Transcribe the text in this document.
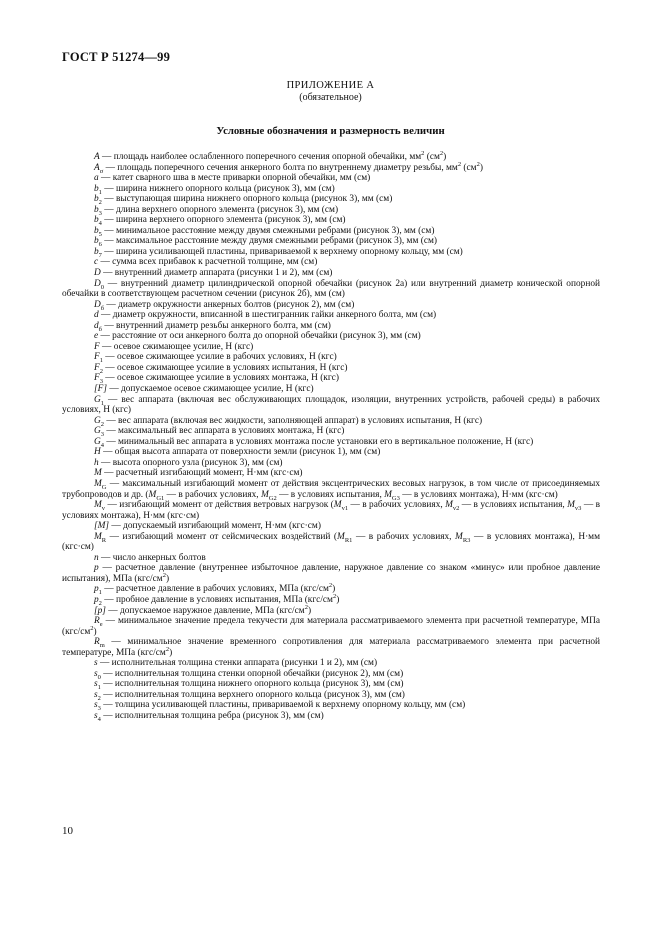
ГОСТ Р 51274—99
ПРИЛОЖЕНИЕ А
(обязательное)
Условные обозначения и размерность величин

A — площадь наиболее ослабленного поперечного сечения опорной обечайки, $мм^2$ $(см^2)$

$A_\sigma$ — площадь поперечного сечения анкерного болта по внутреннему диаметру резьбы, $мм^2$ $(см^2)$

a — катет сварного шва в месте приварки опорной обечайки, мм (см)

$b_1$ — ширина нижнего опорного кольца (рисунок 3), мм (см)

$b_2$ — выступающая ширина нижнего опорного кольца (рисунок 3), мм (см)

$b_3$ — длина верхнего опорного элемента (рисунок 3), мм (см)

$b_4$ — ширина верхнего опорного элемента (рисунок 3), мм (см)

$b_5$ — минимальное расстояние между двумя смежными ребрами (рисунок 3), мм (см)

$b_6$ — максимальное расстояние между двумя смежными ребрами (рисунок 3), мм (см)

$b_7$ — ширина усиливающей пластины, привариваемой к верхнему опорному кольцу, мм (см)

c — сумма всех прибавок к расчетной толщине, мм (см)

D — внутренний диаметр аппарата (рисунки 1 и 2), мм (см)

$D_0$ — внутренний диаметр цилиндрической опорной обечайки (рисунок 2а) или внутренний диаметр конической опорной обечайки в соответствующем расчетном сечении (рисунок 2б), мм (см)

$D_б$ — диаметр окружности анкерных болтов (рисунок 2), мм (см)

d — диаметр окружности, вписанной в шестигранник гайки анкерного болта, мм (см)

$d_б$ — внутренний диаметр резьбы анкерного болта, мм (см)

e — расстояние от оси анкерного болта до опорной обечайки (рисунок 3), мм (см)

F — осевое сжимающее усилие, Н (кгс)

$F_1$ — осевое сжимающее усилие в рабочих условиях, Н (кгс)

$F_2$ — осевое сжимающее усилие в условиях испытания, Н (кгс)

$F_3$ — осевое сжимающее усилие в условиях монтажа, Н (кгс)

[F] — допускаемое осевое сжимающее усилие, Н (кгс)

$G_1$ — вес аппарата (включая вес обслуживающих площадок, изоляции, внутренних устройств, рабочей среды) в рабочих условиях, Н (кгс)

$G_2$ — вес аппарата (включая вес жидкости, заполняющей аппарат) в условиях испытания, Н (кгс)

$G_3$ — максимальный вес аппарата в условиях монтажа, Н (кгс)

$G_4$ — минимальный вес аппарата в условиях монтажа после установки его в вертикальное положение, Н (кгс)

H — общая высота аппарата от поверхности земли (рисунок 1), мм (см)

h — высота опорного узла (рисунок 3), мм (см)

M — расчетный изгибающий момент, Н·мм (кгс·см)

$M_G$ — максимальный изгибающий момент от действия эксцентрических весовых нагрузок, в том числе от присоединяемых трубопроводов и др. ($M_{G1}$ — в рабочих условиях, $M_{G2}$ — в условиях испытания, $M_{G3}$ — в условиях монтажа), Н·мм (кгс·см)

$M_v$ — изгибающий момент от действия ветровых нагрузок ($M_{v1}$ — в рабочих условиях, $M_{v2}$ — в условиях испытания, $M_{v3}$ — в условиях монтажа), Н·мм (кгс·см)

[M] — допускаемый изгибающий момент, Н·мм (кгс·см)

$M_R$ — изгибающий момент от сейсмических воздействий ($M_{R1}$ — в рабочих условиях, $M_{R3}$ — в условиях монтажа), Н·мм (кгс·см)

n — число анкерных болтов

p — расчетное давление (внутреннее избыточное давление, наружное давление со знаком «минус» или пробное давление испытания), МПа $(кгс/см^2)$

$p_1$ — расчетное давление в рабочих условиях, МПа $(кгс/см^2)$

$p_2$ — пробное давление в условиях испытания, МПа $(кгс/см^2)$

[p] — допускаемое наружное давление, МПа $(кгс/см^2)$

$R_e$ — минимальное значение предела текучести для материала рассматриваемого элемента при расчетной температуре, МПа $(кгс/см^2)$

$R_m$ — минимальное значение временного сопротивления для материала рассматриваемого элемента при расчетной температуре, МПа $(кгс/см^2)$

s — исполнительная толщина стенки аппарата (рисунки 1 и 2), мм (см)

$s_0$ — исполнительная толщина стенки опорной обечайки (рисунок 2), мм (см)

$s_1$ — исполнительная толщина нижнего опорного кольца (рисунок 3), мм (см)

$s_2$ — исполнительная толщина верхнего опорного кольца (рисунок 3), мм (см)

$s_3$ — толщина усиливающей пластины, привариваемой к верхнему опорному кольцу, мм (см)

$s_4$ — исполнительная толщина ребра (рисунок 3), мм (см)

10
